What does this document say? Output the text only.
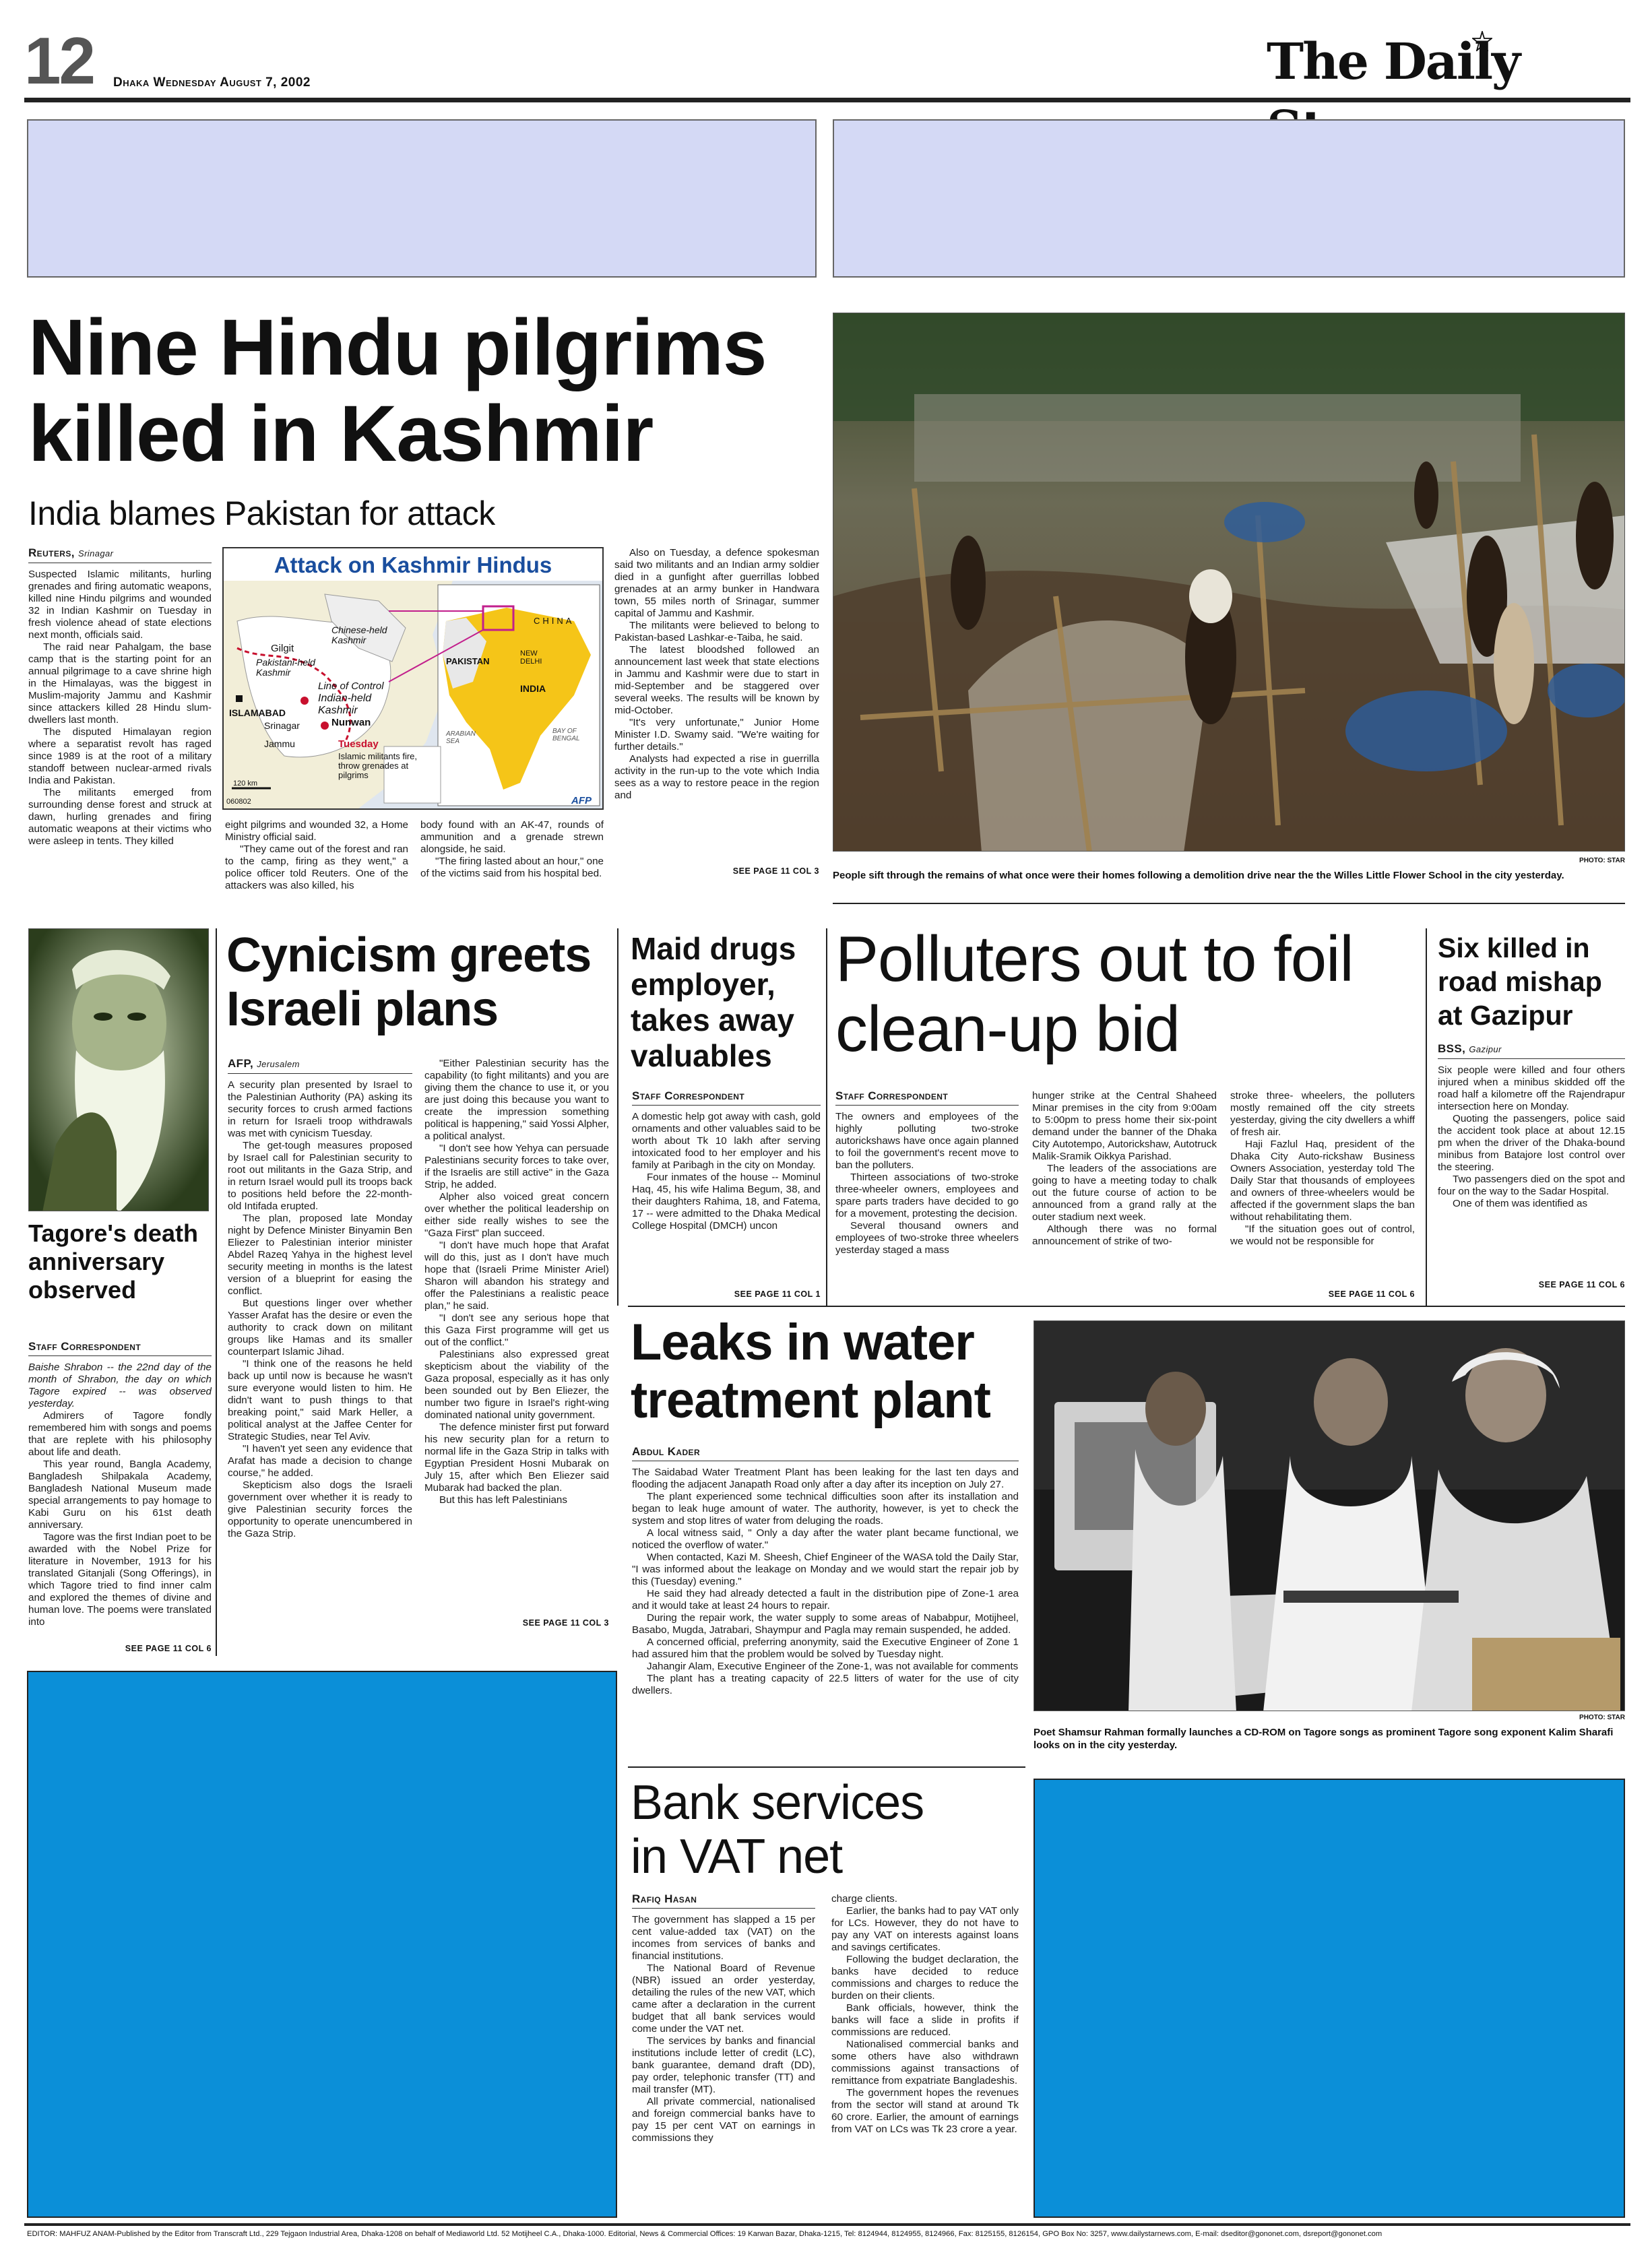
12 Dhaka Wednesday August 7, 2002	The Daily
Nine Hindu pilgrims
killed in Kashmir
India blames Pakistan for attack
Reuters, Srinagar

Suspected Islamic militants, hurling grenades and firing automatic weapons, killed nine Hindu pilgrims and wounded 32 in Indian Kashmir on Tuesday in fresh violence ahead of state elections next month, officials said.

The raid near Pahalgam, the base camp that is the starting point for an annual pilgrimage to a cave shrine high in the Himalayas, was the biggest in Muslim-majority Jammu and Kashmir since attackers killed 28 Hindu slum-dwellers last month.

The disputed Himalayan region where a separatist revolt has raged since 1989 is at the root of a military standoff between nuclear-armed rivals India and Pakistan.

The militants emerged from surrounding dense forest and struck at dawn, hurling grenades and firing automatic weapons at their victims who were asleep in tents. They killed

Attack on Kashmir Hindus
Gilgit
Pakistani-held Kashmir
Chinese-held Kashmir
Line of Control
Indian-held Kashmir
ISLAMABAD
Srinagar	Nunwan
Jammu	Tuesday
Islamic militants fire, throw grenades at pilgrims
120 km
060802	AFP
CHINA
PAKISTAN
NEW DELHI
INDIA
ARABIAN SEA
BAY OF BENGAL

eight pilgrims and wounded 32, a Home Ministry official said.

"They came out of the forest and ran to the camp, firing as they went," a police officer told Reuters. One of the attackers was also killed, his

body found with an AK-47, rounds of ammunition and a grenade strewn alongside, he said.

"The firing lasted about an hour," one of the victims said from his hospital bed.

Also on Tuesday, a defence spokesman said two militants and an Indian army soldier died in a gunfight after guerrillas lobbed grenades at an army bunker in Handwara town, 55 miles north of Srinagar, summer capital of Jammu and Kashmir.

The militants were believed to belong to Pakistan-based Lashkar-e-Taiba, he said.

The latest bloodshed followed an announcement last week that state elections in Jammu and Kashmir were due to start in mid-September and be staggered over several weeks. The results will be known by mid-October.

"It's very unfortunate," Junior Home Minister I.D. Swamy said. "We're waiting for further details."

Analysts had expected a rise in guerrilla activity in the run-up to the vote which India sees as a way to restore peace in the region and

SEE PAGE 11 COL 3
PHOTO: STAR
People sift through the remains of what once were their homes following a demolition drive near the the Willes Little Flower School in the city yesterday.
Tagore's death anniversary observed
Staff Correspondent

Baishe Shrabon -- the 22nd day of the month of Shrabon, the day on which Tagore expired -- was observed yesterday.

Admirers of Tagore fondly remembered him with songs and poems that are replete with his philosophy about life and death.

This year round, Bangla Academy, Bangladesh Shilpakala Academy, Bangladesh National Museum made special arrangements to pay homage to Kabi Guru on his 61st death anniversary.

Tagore was the first Indian poet to be awarded with the Nobel Prize for literature in November, 1913 for his translated Gitanjali (Song Offerings), in which Tagore tried to find inner calm and explored the themes of divine and human love. The poems were translated into

SEE PAGE 11 COL 6
Cynicism greets
Israeli plans
AFP, Jerusalem

A security plan presented by Israel to the Palestinian Authority (PA) asking its security forces to crush armed factions in return for Israeli troop withdrawals was met with cynicism Tuesday.

The get-tough measures proposed by Israel call for Palestinian security to root out militants in the Gaza Strip, and in return Israel would pull its troops back to positions held before the 22-month-old Intifada erupted.

The plan, proposed late Monday night by Defence Minister Binyamin Ben Eliezer to Palestinian interior minister Abdel Razeq Yahya in the highest level security meeting in months is the latest version of a blueprint for easing the conflict.

But questions linger over whether Yasser Arafat has the desire or even the authority to crack down on militant groups like Hamas and its smaller counterpart Islamic Jihad.

"I think one of the reasons he held back up until now is because he wasn't sure everyone would listen to him. He didn't want to push things to that breaking point," said Mark Heller, a political analyst at the Jaffee Center for Strategic Studies, near Tel Aviv.

"I haven't yet seen any evidence that Arafat has made a decision to change course," he added.

Skepticism also dogs the Israeli government over whether it is ready to give Palestinian security forces the opportunity to operate unencumbered in the Gaza Strip.

"Either Palestinian security has the capability (to fight militants) and you are giving them the chance to use it, or you are just doing this because you want to create the impression something political is happening," said Yossi Alpher, a political analyst.

"I don't see how Yehya can persuade Palestinians security forces to take over, if the Israelis are still active" in the Gaza Strip, he added.

Alpher also voiced great concern over whether the political leadership on either side really wishes to see the "Gaza First" plan succeed.

"I don't have much hope that Arafat will do this, just as I don't have much hope that (Israeli Prime Minister Ariel) Sharon will abandon his strategy and offer the Palestinians a realistic peace plan," he said.

"I don't see any serious hope that this Gaza First programme will get us out of the conflict."

Palestinians also expressed great skepticism about the viability of the Gaza proposal, especially as it has only been sounded out by Ben Eliezer, the number two figure in Israel's right-wing dominated national unity government.

The defence minister first put forward his new security plan for a return to normal life in the Gaza Strip in talks with Egyptian President Hosni Mubarak on July 15, after which Ben Eliezer said Mubarak had backed the plan.

But this has left Palestinians

SEE PAGE 11 COL 3
Maid drugs employer, takes away valuables
Staff Correspondent

A domestic help got away with cash, gold ornaments and other valuables said to be worth about Tk 10 lakh after serving intoxicated food to her employer and his family at Paribagh in the city on Monday.

Four inmates of the house -- Mominul Haq, 45, his wife Halima Begum, 38, and their daughters Rahima, 18, and Fatema, 17 -- were admitted to the Dhaka Medical College Hospital (DMCH) uncon

SEE PAGE 11 COL 1
Polluters out to foil
clean-up bid
Staff Correspondent

The owners and employees of the highly polluting two-stroke autorickshaws have once again planned to foil the government's recent move to ban the polluters.

Thirteen associations of two-stroke three-wheeler owners, employees and spare parts traders have decided to go for a movement, protesting the decision.

Several thousand owners and employees of two-stroke three wheelers yesterday staged a mass

hunger strike at the Central Shaheed Minar premises in the city from 9:00am to 5:00pm to press home their six-point demand under the banner of the Dhaka City Autotempo, Autorickshaw, Autotruck Malik-Sramik Oikkya Parishad.

The leaders of the associations are going to have a meeting today to chalk out the future course of action to be announced from a grand rally at the outer stadium next week.

Although there was no formal announcement of strike of two-

stroke three- wheelers, the polluters mostly remained off the city streets yesterday, giving the city dwellers a whiff of fresh air.

Haji Fazlul Haq, president of the Dhaka City Auto-rickshaw Business Owners Association, yesterday told The Daily Star that thousands of employees and owners of three-wheelers would be affected if the government slaps the ban without rehabilitating them.

"If the situation goes out of control, we would not be responsible for

SEE PAGE 11 COL 6
Six killed in road mishap at Gazipur
BSS, Gazipur

Six people were killed and four others injured when a minibus skidded off the road half a kilometre off the Rajendrapur intersection here on Monday.

Quoting the passengers, police said the accident took place at about 12.15 pm when the driver of the Dhaka-bound minibus from Batajore lost control over the steering.

Two passengers died on the spot and four on the way to the Sadar Hospital.

One of them was identified as

SEE PAGE 11 COL 6
Leaks in water
treatment plant
Abdul Kader

The Saidabad Water Treatment Plant has been leaking for the last ten days and flooding the adjacent Janapath Road only after a day after its inception on July 27.

The plant experienced some technical difficulties soon after its installation and began to leak huge amount of water. The authority, however, is yet to check the system and stop litres of water from deluging the roads.

A local witness said, " Only a day after the water plant became functional, we noticed the overflow of water."

When contacted, Kazi M. Sheesh, Chief Engineer of the WASA told the Daily Star, "I was informed about the leakage on Monday and we would start the repair job by this (Tuesday) evening."

He said they had already detected a fault in the distribution pipe of Zone-1 area and it would take at least 24 hours to repair.

During the repair work, the water supply to some areas of Nababpur, Motijheel, Basabo, Mugda, Jatrabari, Shaympur and Pagla may remain suspended, he added.

A concerned official, preferring anonymity, said the Executive Engineer of Zone 1 had assured him that the problem would be solved by Tuesday night.

Jahangir Alam, Executive Engineer of the Zone-1, was not available for comments

The plant has a treating capacity of 22.5 litters of water for the use of city dwellers.

PHOTO: STAR
Poet Shamsur Rahman formally launches a CD-ROM on Tagore songs as prominent Tagore song exponent Kalim Sharafi looks on in the city yesterday.
Bank services
in VAT net
Rafiq Hasan

The government has slapped a 15 per cent value-added tax (VAT) on the incomes from services of banks and financial institutions.

The National Board of Revenue (NBR) issued an order yesterday, detailing the rules of the new VAT, which came after a declaration in the current budget that all bank services would come under the VAT net.

The services by banks and financial institutions include letter of credit (LC), bank guarantee, demand draft (DD), pay order, telephonic transfer (TT) and mail transfer (MT).

All private commercial, nationalised and foreign commercial banks have to pay 15 per cent VAT on earnings in commissions they

charge clients.

Earlier, the banks had to pay VAT only for LCs. However, they do not have to pay any VAT on interests against loans and savings certificates.

Following the budget declaration, the banks have decided to reduce commissions and charges to reduce the burden on their clients.

Bank officials, however, think the banks will face a slide in profits if commissions are reduced.

Nationalised commercial banks and some others have also withdrawn commissions against transactions of remittance from expatriate Bangladeshis.

The government hopes the revenues from the sector will stand at around Tk 60 crore. Earlier, the amount of earnings from VAT on LCs was Tk 23 crore a year.

EDITOR: MAHFUZ ANAM-Published by the Editor from Transcraft Ltd., 229 Tejgaon Industrial Area, Dhaka-1208 on behalf of Mediaworld Ltd. 52 Motijheel C.A., Dhaka-1000. Editorial, News & Commercial Offices: 19 Karwan Bazar, Dhaka-1215, Tel: 8124944, 8124955, 8124966, Fax: 8125155, 8126154, GPO Box No: 3257, www.dailystarnews.com, E-mail: dseditor@gononet.com, dsreport@gononet.com
